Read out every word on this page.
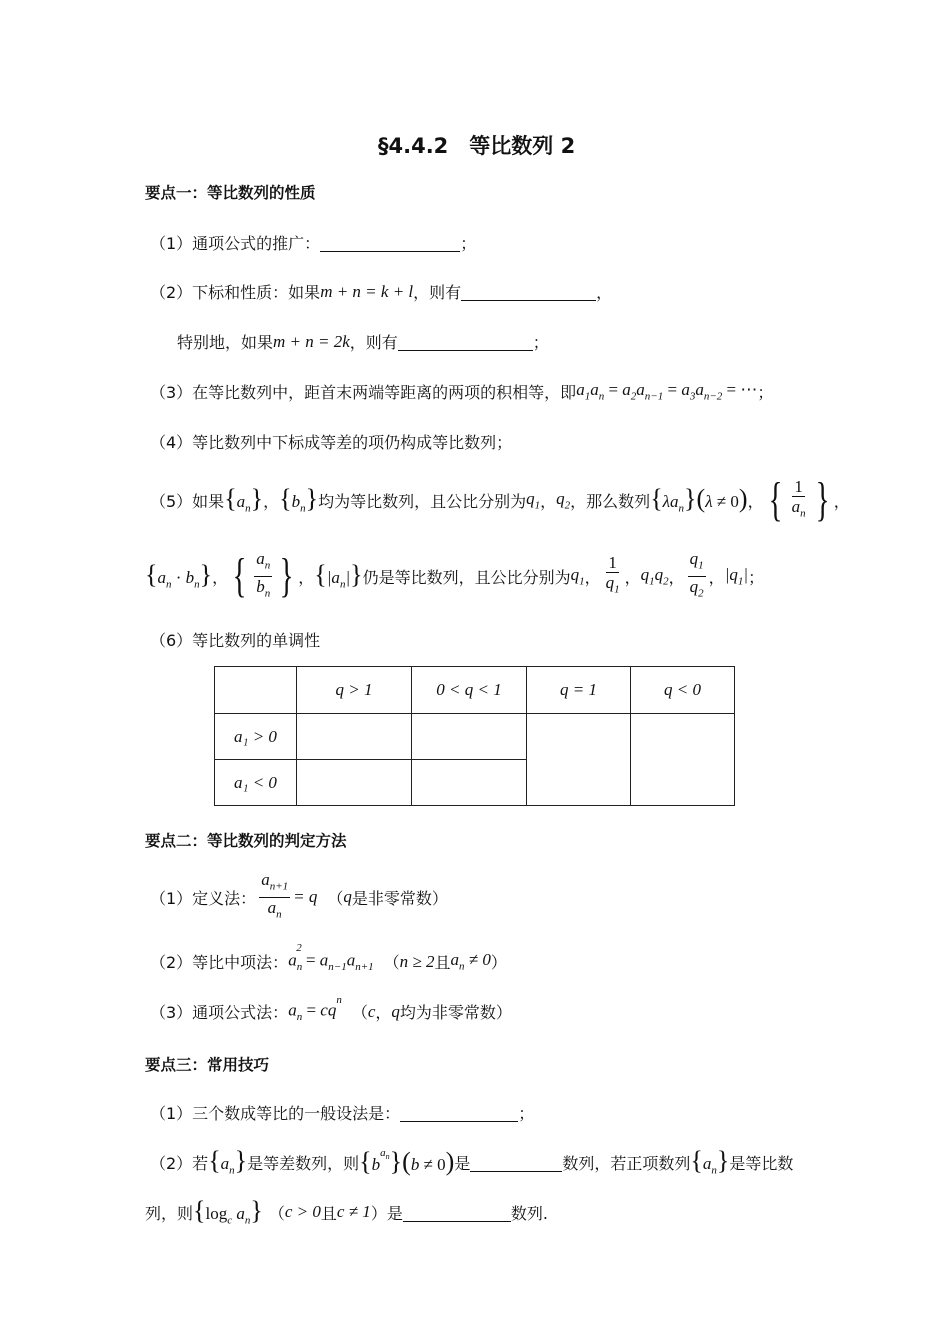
§4.4.2　等比数列 2
要点一：等比数列的性质
（1）通项公式的推广：	；
（2）下标和性质：如果 m + n = k + l ，则有	，
特别地，如果 m + n = 2k ，则有	；
（3）在等比数列中，距首末两端等距离的两项的积相等，即 $a_1a_n = a_2a_{n-1} = a_3a_{n-2}$ = ⋯ ；
（4）等比数列中下标成等差的项仍构成等比数列；
（5）如果 $\{a_n\}$ ， $\{b_n\}$ 均为等比数列，且公比分别为 $q_1$ ， $q_2$ ，那么数列 $\{\lambda a_n\}(\lambda \ne 0)$ ， { $\frac{1}{a_n}$ } ，
$\{a_n \cdot b_n\}$ ， { $\frac{a_n}{b_n}$ } ， $\{|a_n|\}$ 仍是等比数列，且公比分别为 $q_1$ ， $\frac{1}{q_1}$ ， $q_1q_2$ ， $\frac{q_1}{q_2}$ ， $|q_1|$ ；
（6）等比数列的单调性
	q > 1	0 < q < 1	q = 1	q < 0
a₁ > 0				
a₁ < 0				
要点二：等比数列的判定方法
（1）定义法： $\frac{a_{n+1}}{a_n} = q$ （ q 是非零常数）
（2）等比中项法： $a_n^2 = a_{n-1}a_{n+1}$ （ n ≥ 2 且 $a_n \ne 0$ ）
（3）通项公式法： $a_n = cq^n$
（ c ， q 均为非零常数）
要点三：常用技巧
（1）三个数成等比的一般设法是：	；
（2）若 $\{a_n\}$ 是等差数列，则 $\{b^{a_n}\}(b \ne 0)$ 是	数列，若正项数列 $\{a_n\}$ 是等比数
列，则 {$\log_c$ $a_n$} （ c > 0 且 c ≠ 1 ）是	数列.
